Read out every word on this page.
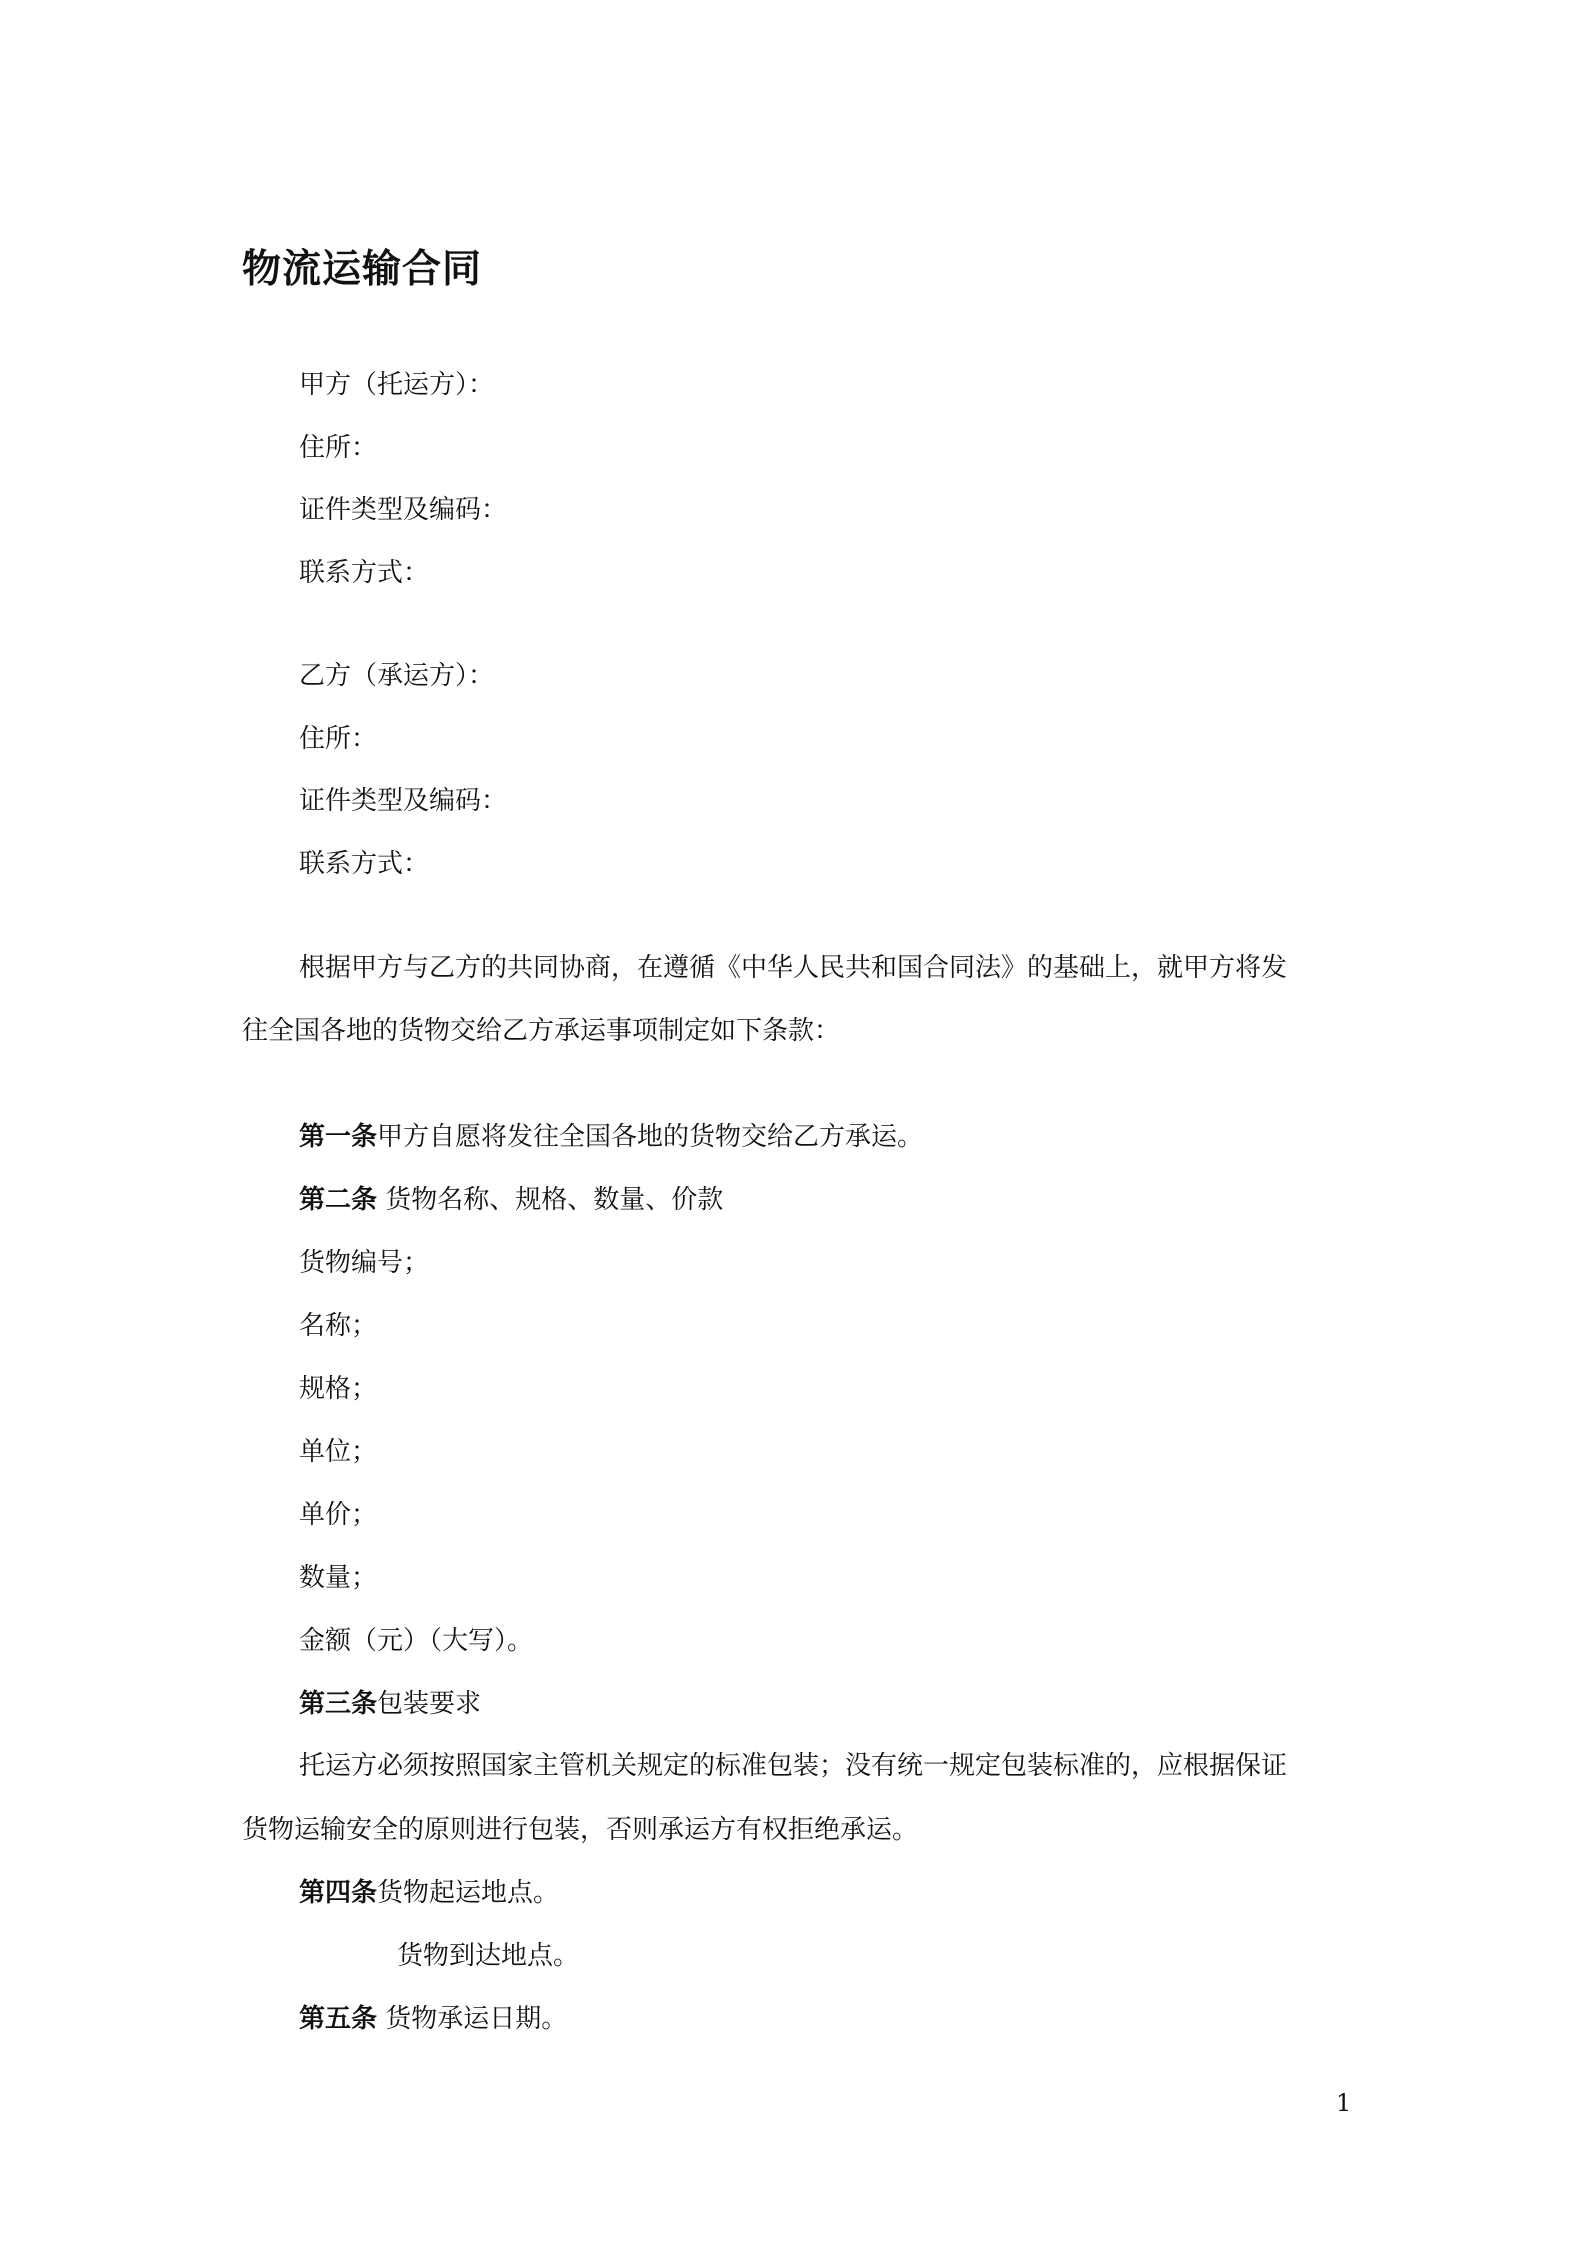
物流运输合同
甲方（托运方）：
住所：
证件类型及编码：
联系方式：
乙方（承运方）：
住所：
证件类型及编码：
联系方式：
根据甲方与乙方的共同协商，在遵循《中华人民共和国合同法》的基础上，就甲方将发
往全国各地的货物交给乙方承运事项制定如下条款：
第一条甲方自愿将发往全国各地的货物交给乙方承运。
第二条 货物名称、规格、数量、价款
货物编号；
名称；
规格；
单位；
单价；
数量；
金额（元）（大写）。
第三条包装要求
托运方必须按照国家主管机关规定的标准包装；没有统一规定包装标准的，应根据保证
货物运输安全的原则进行包装，否则承运方有权拒绝承运。
第四条货物起运地点。
货物到达地点。
第五条 货物承运日期。
1
